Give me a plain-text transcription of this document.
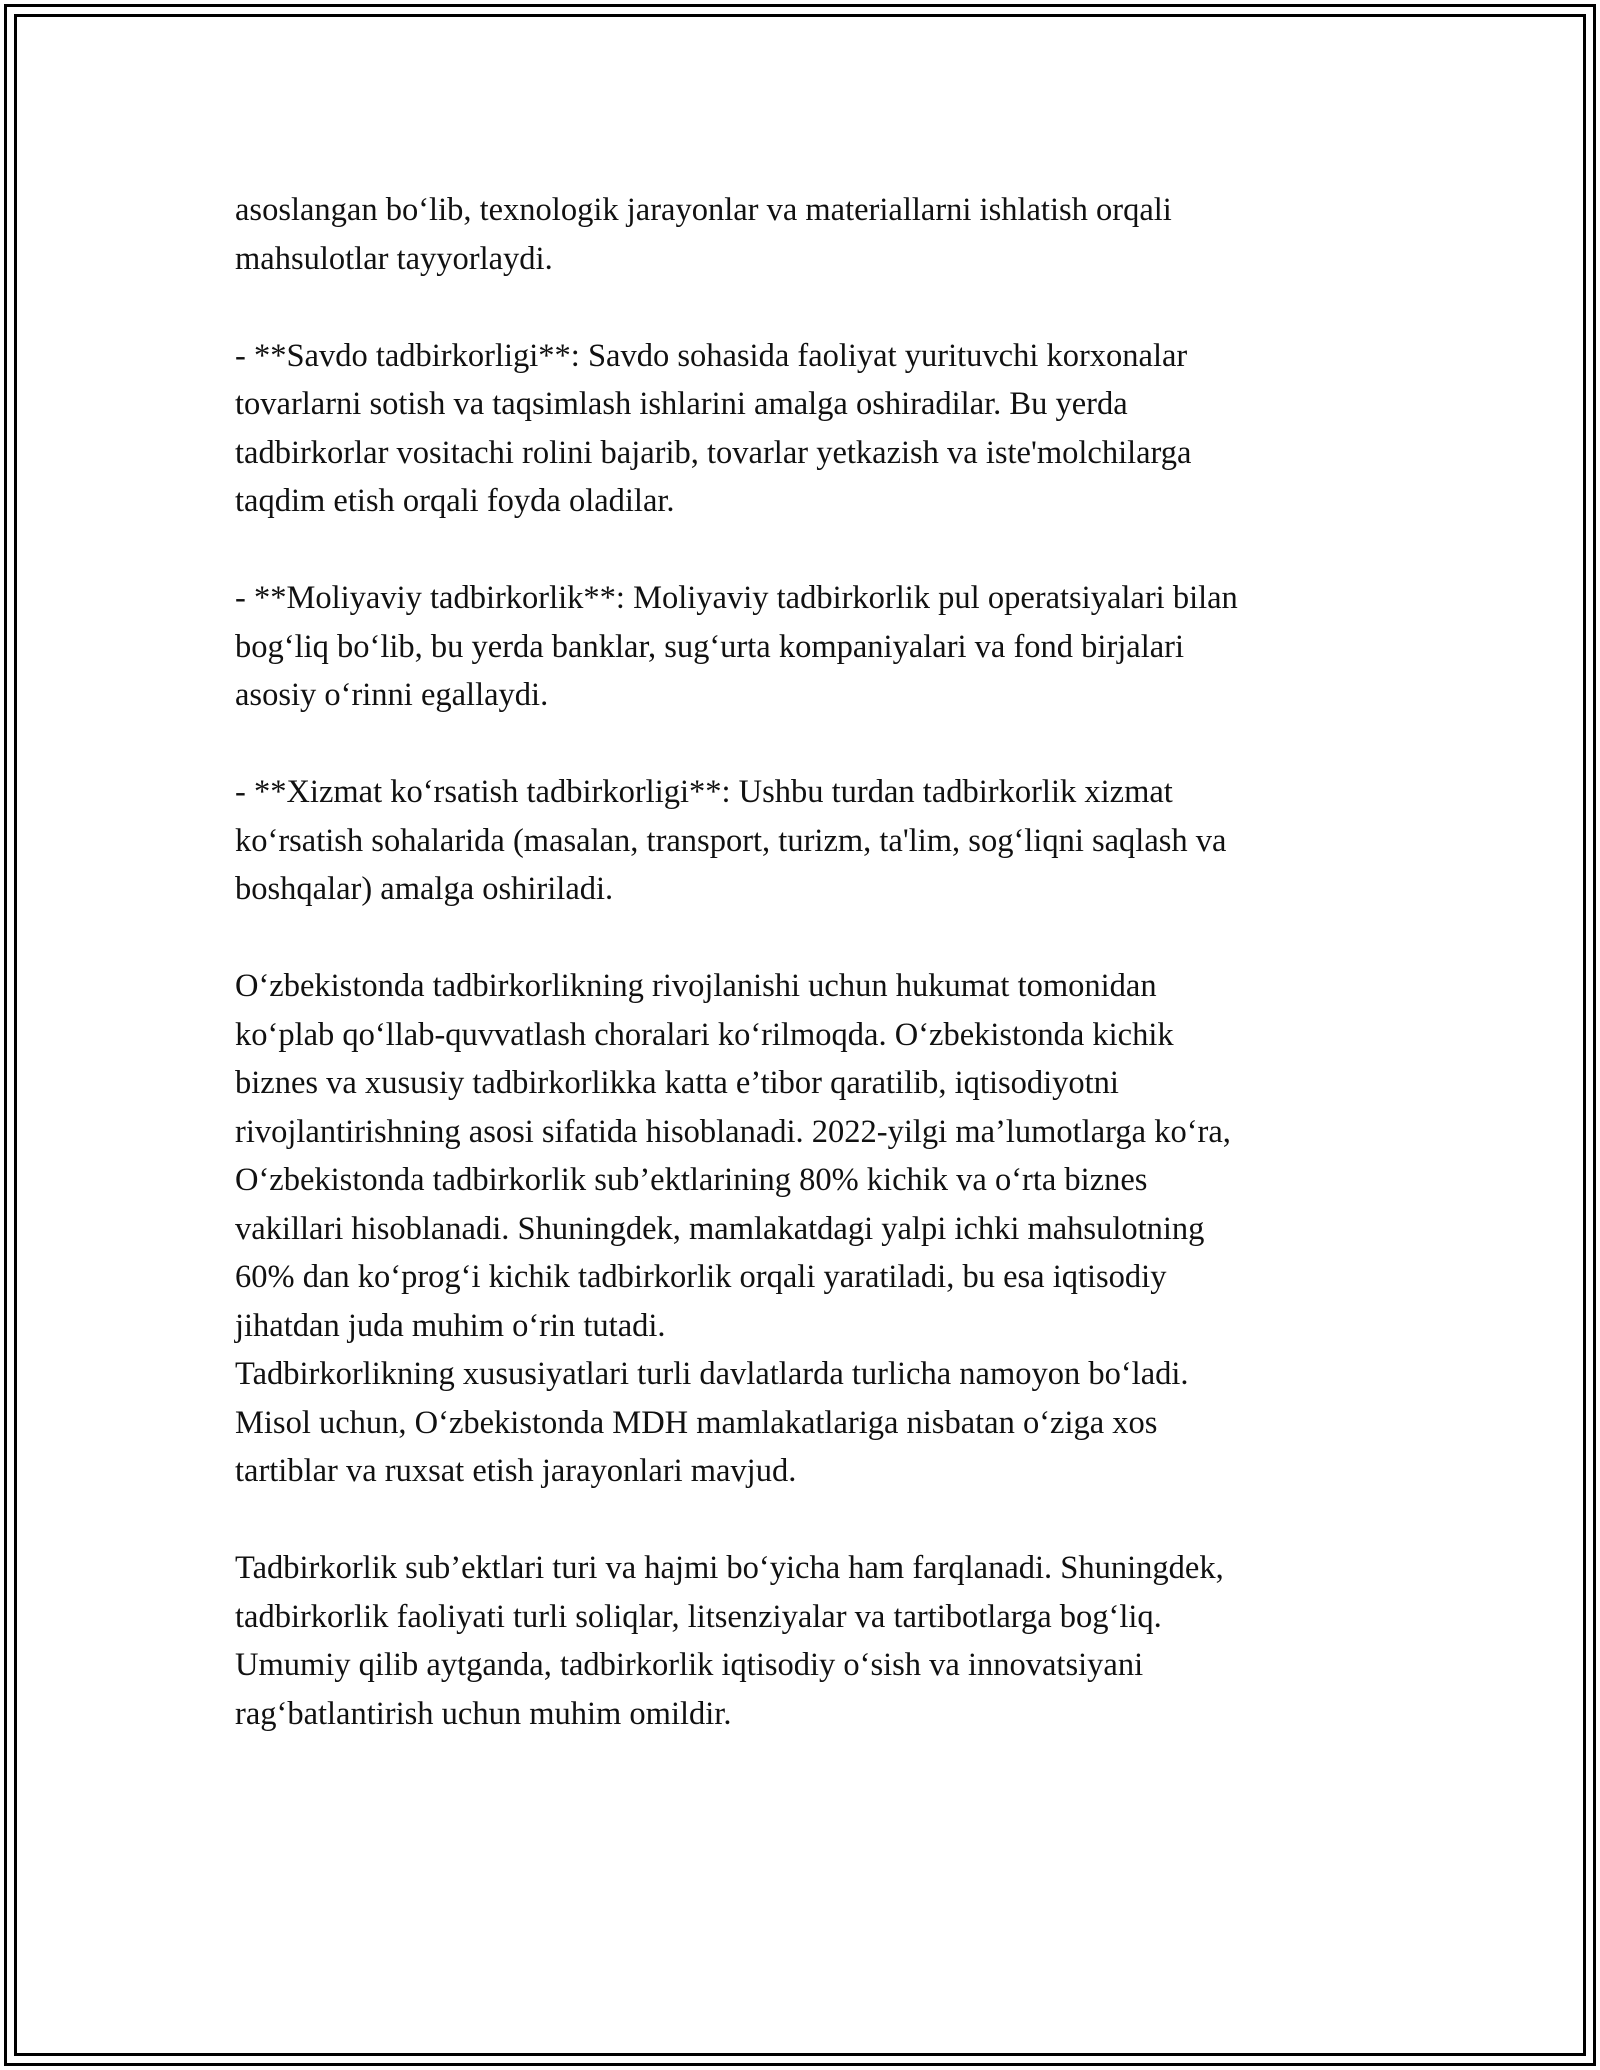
asoslangan bo‘lib, texnologik jarayonlar va materiallarni ishlatish orqali
mahsulotlar tayyorlaydi.

- **Savdo tadbirkorligi**: Savdo sohasida faoliyat yurituvchi korxonalar
tovarlarni sotish va taqsimlash ishlarini amalga oshiradilar. Bu yerda
tadbirkorlar vositachi rolini bajarib, tovarlar yetkazish va iste'molchilarga
taqdim etish orqali foyda oladilar.

- **Moliyaviy tadbirkorlik**: Moliyaviy tadbirkorlik pul operatsiyalari bilan
bog‘liq bo‘lib, bu yerda banklar, sug‘urta kompaniyalari va fond birjalari
asosiy o‘rinni egallaydi.

- **Xizmat ko‘rsatish tadbirkorligi**: Ushbu turdan tadbirkorlik xizmat
ko‘rsatish sohalarida (masalan, transport, turizm, ta'lim, sog‘liqni saqlash va
boshqalar) amalga oshiriladi.

O‘zbekistonda tadbirkorlikning rivojlanishi uchun hukumat tomonidan
ko‘plab qo‘llab-quvvatlash choralari ko‘rilmoqda. O‘zbekistonda kichik
biznes va xususiy tadbirkorlikka katta e’tibor qaratilib, iqtisodiyotni
rivojlantirishning asosi sifatida hisoblanadi. 2022-yilgi ma’lumotlarga ko‘ra,
O‘zbekistonda tadbirkorlik sub’ektlarining 80% kichik va o‘rta biznes
vakillari hisoblanadi. Shuningdek, mamlakatdagi yalpi ichki mahsulotning
60% dan ko‘prog‘i kichik tadbirkorlik orqali yaratiladi, bu esa iqtisodiy
jihatdan juda muhim o‘rin tutadi.
Tadbirkorlikning xususiyatlari turli davlatlarda turlicha namoyon bo‘ladi.
Misol uchun, O‘zbekistonda MDH mamlakatlariga nisbatan o‘ziga xos
tartiblar va ruxsat etish jarayonlari mavjud.

Tadbirkorlik sub’ektlari turi va hajmi bo‘yicha ham farqlanadi. Shuningdek,
tadbirkorlik faoliyati turli soliqlar, litsenziyalar va tartibotlarga bog‘liq.
Umumiy qilib aytganda, tadbirkorlik iqtisodiy o‘sish va innovatsiyani
rag‘batlantirish uchun muhim omildir.
